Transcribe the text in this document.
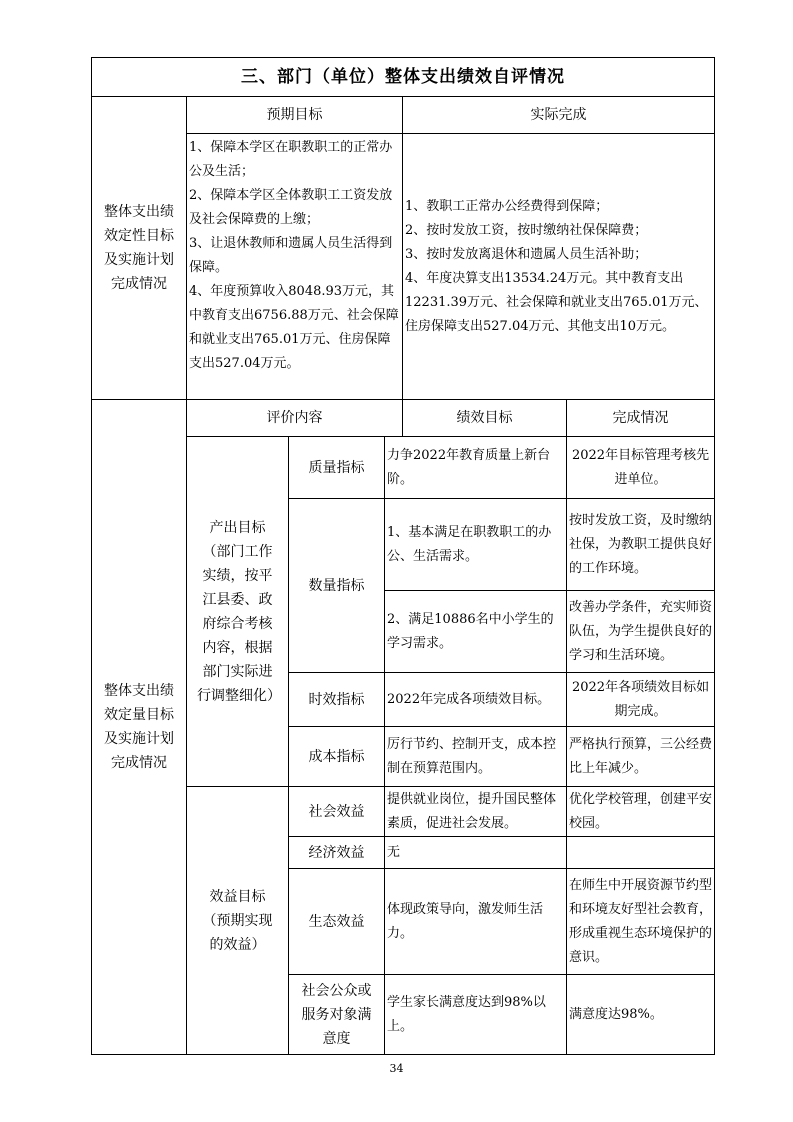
三、部门（单位）整体支出绩效自评情况					
整体支出绩效定性目标及实施计划完成情况	预期目标			实际完成	

	1、保障本学区在职教职工的正常办公及生活；
2、保障本学区全体教职工工资发放及社会保障费的上缴；
3、让退休教师和遗属人员生活得到保障。
4、年度预算收入8048.93万元，其中教育支出6756.88万元、社会保障和就业支出765.01万元、住房保障支出527.04万元。			1、教职工正常办公经费得到保障；
2、按时发放工资，按时缴纳社保保障费；
3、按时发放离退休和遗属人员生活补助；
4、年度决算支出13534.24万元。其中教育支出12231.39万元、社会保障和就业支出765.01万元、住房保障支出527.04万元、其他支出10万元。	

整体支出绩效定量目标及实施计划完成情况	评价内容			绩效目标	完成情况
	产出目标（部门工作实绩，按平江县委、政府综合考核内容，根据部门实际进行调整细化）	质量指标	力争2022年教育质量上新台阶。		2022年目标管理考核先进单位。
		数量指标	1、基本满足在职教职工的办公、生活需求。		按时发放工资，及时缴纳社保，为教职工提供良好的工作环境。
			2、满足10886名中小学生的学习需求。		改善办学条件，充实师资队伍，为学生提供良好的学习和生活环境。
		时效指标	2022年完成各项绩效目标。		2022年各项绩效目标如期完成。
		成本指标	厉行节约、控制开支，成本控制在预算范围内。		严格执行预算，三公经费比上年减少。
	效益目标（预期实现的效益）	社会效益	提供就业岗位，提升国民整体素质，促进社会发展。		优化学校管理，创建平安校园。
		经济效益	无		
		生态效益	体现政策导向，激发师生活力。		在师生中开展资源节约型和环境友好型社会教育，形成重视生态环境保护的意识。
		社会公众或服务对象满意度	学生家长满意度达到98%以上。		满意度达98%。
34
